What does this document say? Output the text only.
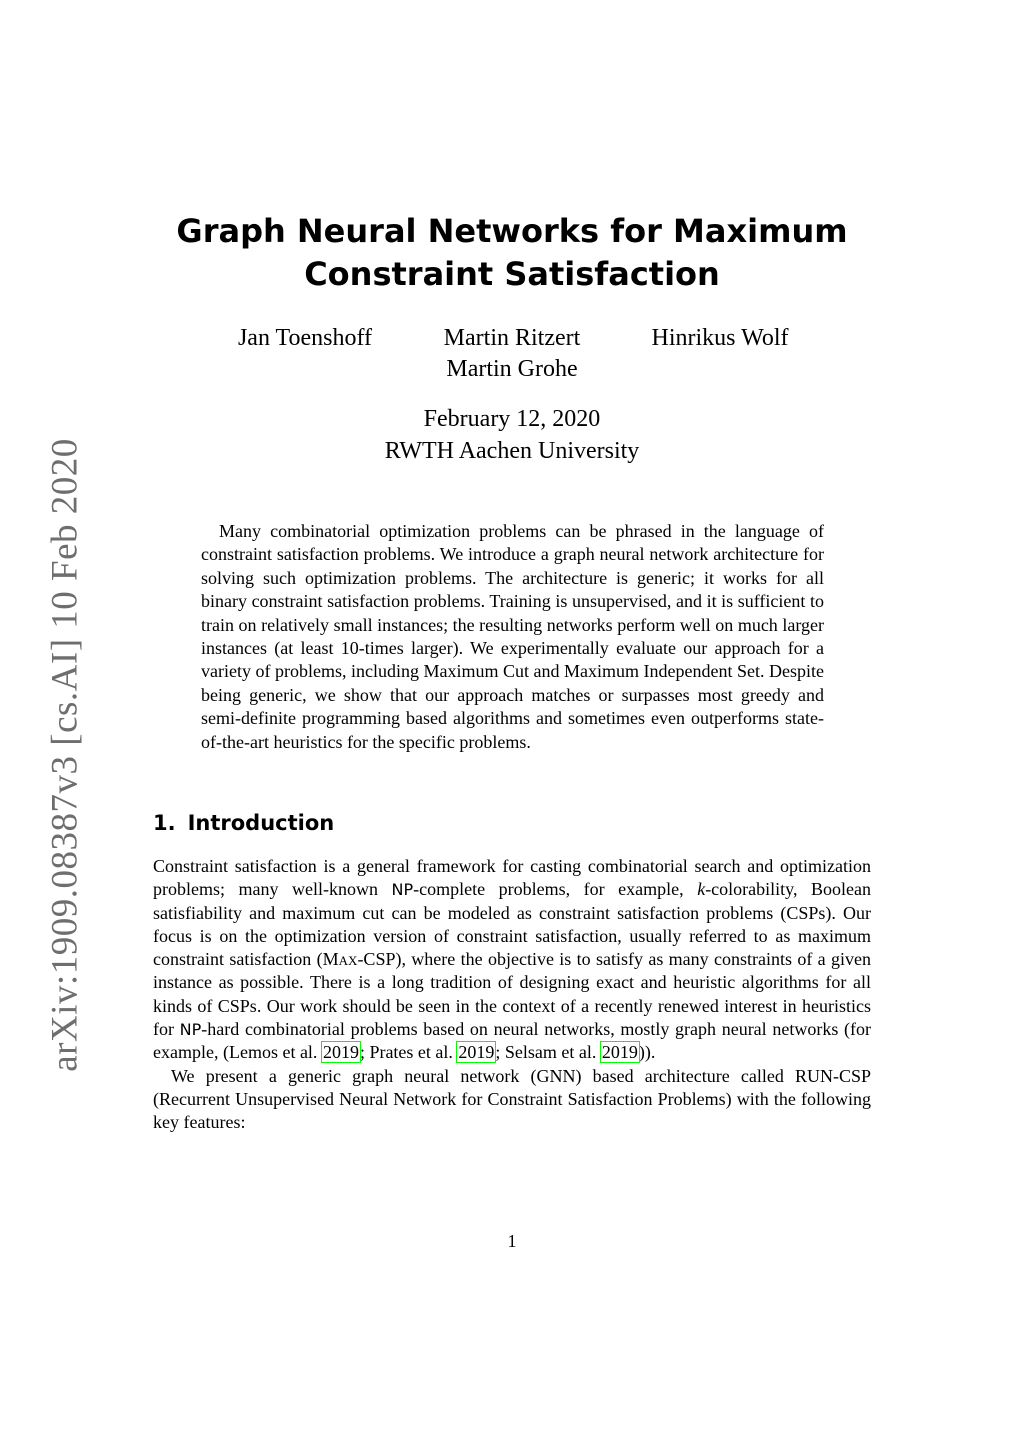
arXiv:1909.08387v3 [cs.AI] 10 Feb 2020
Graph Neural Networks for Maximum
Constraint Satisfaction
Jan Toenshoff	Martin Ritzert	Hinrikus Wolf
Martin Grohe
February 12, 2020
RWTH Aachen University

Many combinatorial optimization problems can be phrased in the language of constraint satisfaction problems. We introduce a graph neural network architecture for solving such optimization problems. The architecture is generic; it works for all binary constraint satisfaction problems. Training is unsupervised, and it is sufficient to train on relatively small instances; the resulting networks perform well on much larger instances (at least 10-times larger). We experimentally evaluate our approach for a variety of problems, including Maximum Cut and Maximum Independent Set. Despite being generic, we show that our approach matches or surpasses most greedy and semi-definite programming based algorithms and sometimes even outperforms state-of-the-art heuristics for the specific problems.

1. Introduction

Constraint satisfaction is a general framework for casting combinatorial search and optimization problems; many well-known NP-complete problems, for example, k-colorability, Boolean satisfiability and maximum cut can be modeled as constraint satisfaction problems (CSPs). Our focus is on the optimization version of constraint satisfaction, usually referred to as maximum constraint satisfaction (Max-CSP), where the objective is to satisfy as many constraints of a given instance as possible. There is a long tradition of designing exact and heuristic algorithms for all kinds of CSPs. Our work should be seen in the context of a recently renewed interest in heuristics for NP-hard combinatorial problems based on neural networks, mostly graph neural networks (for example, (Lemos et al. 2019; Prates et al. 2019; Selsam et al. 2019)).

We present a generic graph neural network (GNN) based architecture called RUN-CSP (Recurrent Unsupervised Neural Network for Constraint Satisfaction Problems) with the following key features:

1
